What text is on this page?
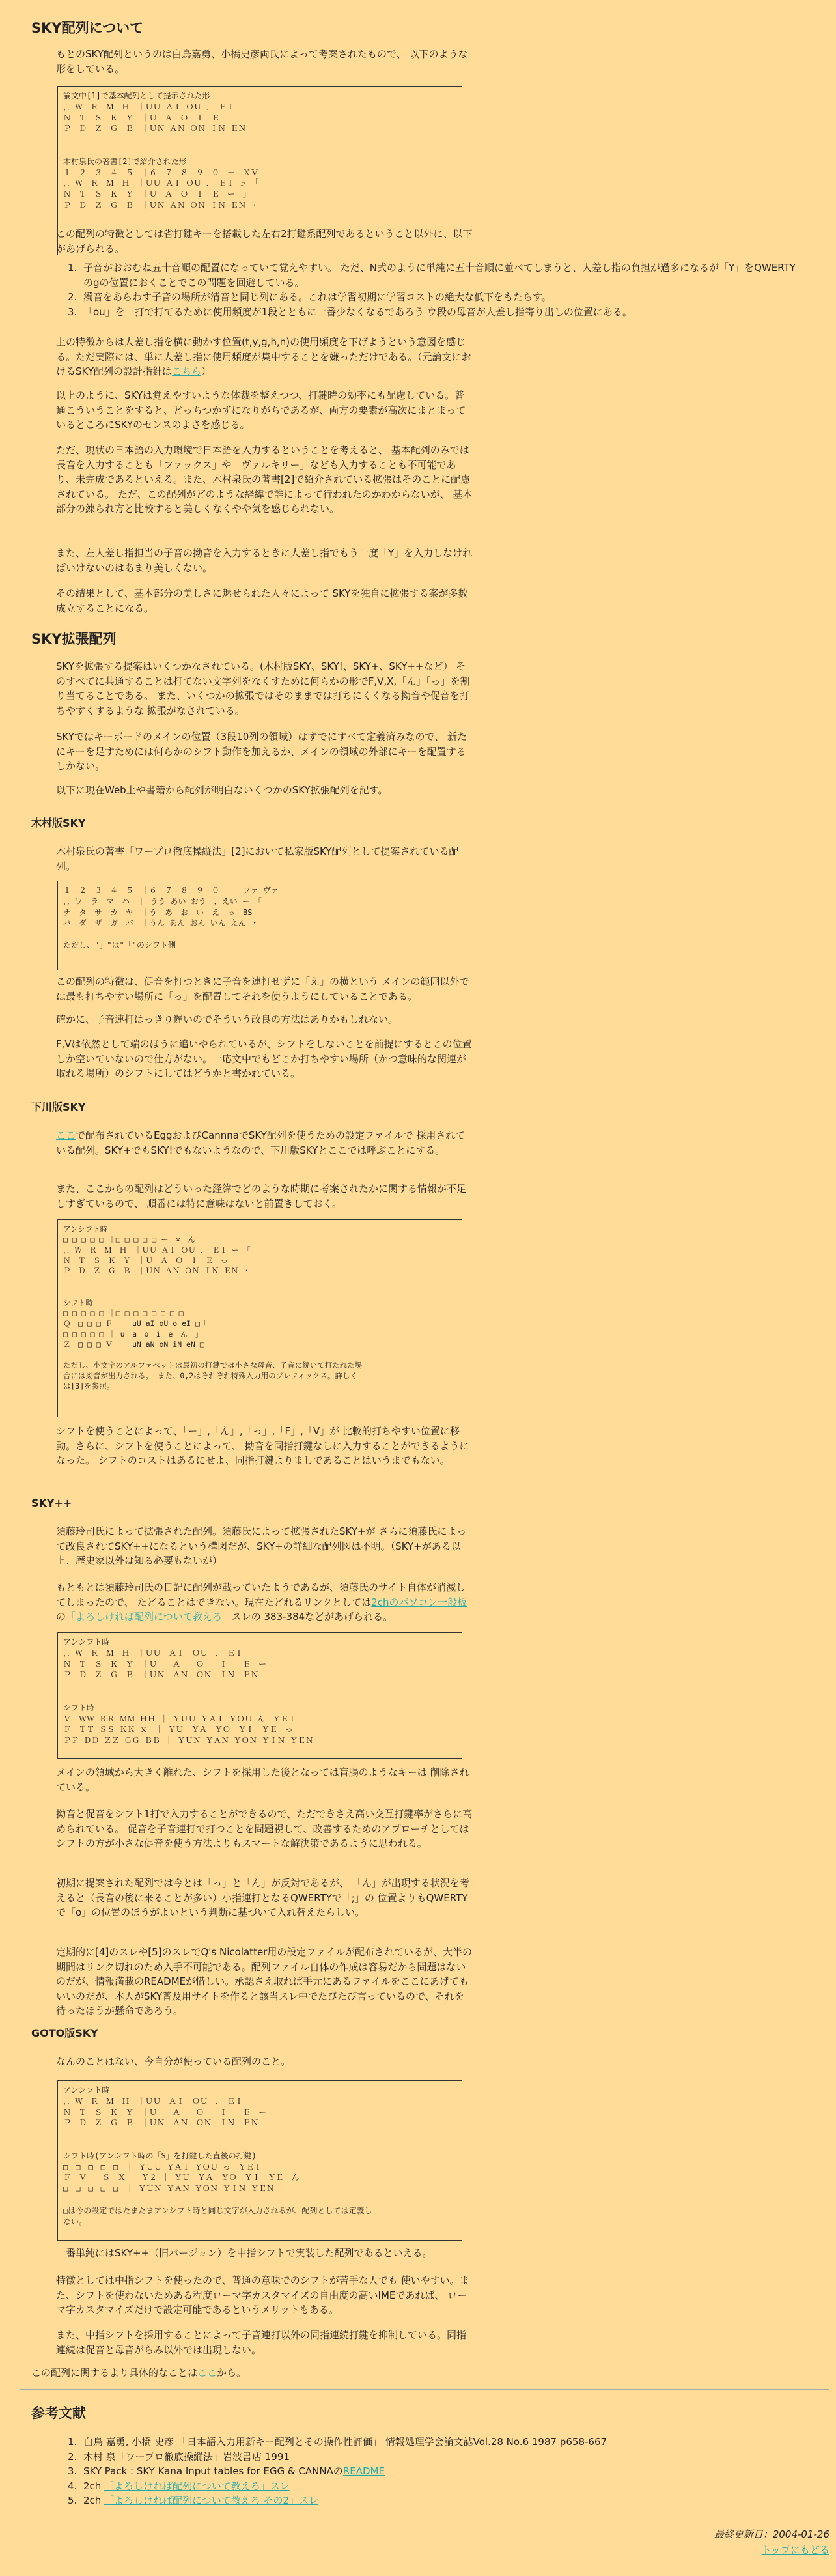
SKY配列について

もとのSKY配列というのは白鳥嘉勇、小橋史彦両氏によって考案されたもので、 以下のような形をしている。

論文中[1]で基本配列として提示された形
，．Ｗ　Ｒ　Ｍ　Ｈ　｜ＵＵ ＡＩ ＯＵ ． ＥＩ
Ｎ　Ｔ　Ｓ　Ｋ　Ｙ　｜Ｕ　Ａ　Ｏ　Ｉ　Ｅ
Ｐ　Ｄ　Ｚ　Ｇ　Ｂ　｜ＵＮ ＡＮ ＯＮ ＩＮ ＥＮ

木村泉氏の著書[2]で紹介された形
１　２　３　４　５　｜６　７　８　９　０　－　ＸＶ
，．Ｗ　Ｒ　Ｍ　Ｈ　｜ＵＵ ＡＩ ＯＵ ． ＥＩ Ｆ　「
Ｎ　Ｔ　Ｓ　Ｋ　Ｙ　｜Ｕ　Ａ　Ｏ　Ｉ　Ｅ　ー　」
Ｐ　Ｄ　Ｚ　Ｇ　Ｂ　｜ＵＮ ＡＮ ＯＮ ＩＮ ＥＮ ・

この配列の特徴としては省打鍵キーを搭載した左右2打鍵系配列であるということ以外に、以下があげられる。

1. 子音がおおむね五十音順の配置になっていて覚えやすい。 ただ、N式のように単純に五十音順に並べてしまうと、人差し指の負担が過多になるが「Y」をQWERTYのgの位置におくことでこの問題を回避している。
2. 濁音をあらわす子音の場所が清音と同じ列にある。これは学習初期に学習コストの絶大な低下をもたらす。
3. 「ou」を一打で打てるために使用頻度が1段とともに一番少なくなるであろう ウ段の母音が人差し指寄り出しの位置にある。

上の特徴からは人差し指を横に動かす位置(t,y,g,h,n)の使用頻度を下げようという意図を感じる。ただ実際には、単に人差し指に使用頻度が集中することを嫌っただけである。（元論文におけるSKY配列の設計指針はこちら）

以上のように、SKYは覚えやすいような体裁を整えつつ、打鍵時の効率にも配慮している。普通こういうことをすると、どっちつかずになりがちであるが、両方の要素が高次にまとまっているところにSKYのセンスのよさを感じる。

ただ、現状の日本語の入力環境で日本語を入力するということを考えると、 基本配列のみでは長音を入力することも「ファックス」や「ヴァルキリー」なども入力することも不可能であり、未完成であるといえる。また、木村泉氏の著書[2]で紹介されている拡張はそのことに配慮されている。 ただ、この配列がどのような経緯で誰によって行われたのかわからないが、 基本部分の練られ方と比較すると美しくなくやや気を感じられない。

また、左人差し指担当の子音の拗音を入力するときに人差し指でもう一度「Y」を入力しなければいけないのはあまり美しくない。

その結果として、基本部分の美しさに魅せられた人々によって SKYを独自に拡張する案が多数成立することになる。

SKY拡張配列

SKYを拡張する提案はいくつかなされている。(木村版SKY、SKY!、SKY+、SKY++など） そのすべてに共通することは打てない文字列をなくすために何らかの形でF,V,X,「ん」「っ」を割り当てることである。 また、いくつかの拡張ではそのままでは打ちにくくなる拗音や促音を打ちやすくするような 拡張がなされている。

SKYではキーボードのメインの位置（3段10列の領域）はすでにすべて定義済みなので、 新たにキーを足すためには何らかのシフト動作を加えるか、メインの領域の外部にキーを配置するしかない。

以下に現在Web上や書籍から配列が明白ないくつかのSKY拡張配列を記す。

木村版SKY

木村泉氏の著書「ワープロ徹底操縦法」[2]において私家版SKY配列として提案されている配列。

１　２　３　４　５　｜６　７　８　９　０　－　ファ ヴァ
，．ワ　ラ　マ　ハ　｜ うう あい おう　．えい ー　「
ナ　タ　サ　カ　ヤ　｜う　あ　お　い　え　っ　BS
パ　ダ　ザ　ガ　バ　｜うん あん おん いん えん ・

ただし、"」"は"「"のシフト側

この配列の特徴は、促音を打つときに子音を連打せずに「え」の横という メインの範囲以外では最も打ちやすい場所に「っ」を配置してそれを使うようにしていることである。

確かに、子音連打はっきり遅いのでそういう改良の方法はありかもしれない。

F,Vは依然として端のほうに追いやられているが、シフトをしないことを前提にするとこの位置しか空いていないので仕方がない。一応文中でもどこか打ちやすい場所（かつ意味的な関連が取れる場所）のシフトにしてはどうかと書かれている。

下川版SKY

ここで配布されているEggおよびCannnaでSKY配列を使うための設定ファイルで 採用されている配列。SKY+でもSKY!でもないようなので、下川版SKYとここでは呼ぶことにする。

また、ここからの配列はどういった経緯でどのような時期に考案されたかに関する情報が不足しすぎているので、 順番には特に意味はないと前置きしておく。

アンシフト時
□ □ □ □ □ ｜□ □ □ □ □ ー　×　ん
，．Ｗ　Ｒ　Ｍ　Ｈ　｜ＵＵ ＡＩ ＯＵ ． ＥＩ ー　「
Ｎ　Ｔ　Ｓ　Ｋ　Ｙ　｜Ｕ　Ａ　Ｏ　Ｉ　Ｅ　っ」
Ｐ　Ｄ　Ｚ　Ｇ　Ｂ　｜ＵＮ ＡＮ ＯＮ ＩＮ ＥＮ ・

シフト時
□ □ □ □ □ ｜□ □ □ □ □ □ □ □
Ｑ　□ □ □ Ｆ　｜ uU aI oU o eI □「
□ □ □ □ □ ｜ u　a　o　i　e　ん　」
Ｚ　□ □ □ Ｖ　｜ uN aN oN iN eN □

ただし、小文字のアルファベットは最初の打鍵では小さな母音、子音に続いて打たれた場
合には拗音が出力される。 また、0,2はそれぞれ特殊入力用のプレフィックス。詳しく
は[3]を参照。

シフトを使うことによって、「ー」,「ん」,「っ」,「F」,「V」が 比較的打ちやすい位置に移動。さらに、シフトを使うことによって、 拗音を同指打鍵なしに入力することができるようになった。 シフトのコストはあるにせよ、同指打鍵よりましであることはいうまでもない。

SKY++

須藤玲司氏によって拡張された配列。須藤氏によって拡張されたSKY+が さらに須藤氏によって改良されてSKY++になるという構図だが、SKY+の詳細な配列図は不明。（SKY+がある以上、歴史家以外は知る必要もないが）

もともとは須藤玲司氏の日記に配列が載っていたようであるが、須藤氏のサイト自体が消滅してしまったので、 たどることはできない。現在たどれるリンクとしては2chのパソコン一般板の「よろしければ配列について教えろ」スレの 383-384などがあげられる。

アンシフト時
，．Ｗ　Ｒ　Ｍ　Ｈ　｜ＵＵ　ＡＩ　ＯＵ　．　ＥＩ
Ｎ　Ｔ　Ｓ　Ｋ　Ｙ　｜Ｕ　　Ａ　　Ｏ　　Ｉ　　Ｅ　ー
Ｐ　Ｄ　Ｚ　Ｇ　Ｂ　｜ＵＮ　ＡＮ　ＯＮ　ＩＮ　ＥＮ

シフト時
Ｖ　ＷＷ ＲＲ ＭＭ ＨＨ ｜ ＹＵＵ ＹＡＩ ＹＯＵ ん　ＹＥＩ
Ｆ　ＴＴ ＳＳ ＫＫ ｘ　｜ ＹＵ　ＹＡ　ＹＯ　ＹＩ　ＹＥ　っ
ＰＰ ＤＤ ＺＺ ＧＧ ＢＢ ｜ ＹＵＮ ＹＡＮ ＹＯＮ ＹＩＮ ＹＥＮ

メインの領域から大きく離れた、シフトを採用した後となっては盲腸のようなキーは 削除されている。

拗音と促音をシフト1打で入力することができるので、ただできさえ高い交互打鍵率がさらに高められている。 促音を子音連打で打つことを問題視して、改善するためのアプローチとしてはシフトの方が小さな促音を使う方法よりもスマートな解決策であるように思われる。

初期に提案された配列では今とは「っ」と「ん」が反対であるが、 「ん」が出現する状況を考えると（長音の後に来ることが多い）小指連打となるQWERTYで「;」の 位置よりもQWERTYで「o」の位置のほうがよいという判断に基づいて入れ替えたらしい。

定期的に[4]のスレや[5]のスレでQ's Nicolatter用の設定ファイルが配布されているが、大半の期間はリンク切れのため入手不可能である。配列ファイル自体の作成は容易だから問題はないのだが、情報満載のREADMEが惜しい。承認さえ取れば手元にあるファイルをここにあげてもいいのだが、本人がSKY普及用サイトを作ると該当スレ中でたびたび言っているので、それを待ったほうが懸命であろう。

GOTO版SKY

なんのことはない、今自分が使っている配列のこと。

アンシフト時
，．Ｗ　Ｒ　Ｍ　Ｈ　｜ＵＵ　ＡＩ　ＯＵ　．　ＥＩ
Ｎ　Ｔ　Ｓ　Ｋ　Ｙ　｜Ｕ　　Ａ　　Ｏ　　Ｉ　　Ｅ　ー
Ｐ　Ｄ　Ｚ　Ｇ　Ｂ　｜ＵＮ　ＡＮ　ＯＮ　ＩＮ　ＥＮ

シフト時(アンシフト時の「S」を打鍵した直後の打鍵)
□　□　□　□　□　｜ ＹＵＵ ＹＡＩ ＹＯＵ っ　ＹＥＩ
Ｆ　Ｖ　　Ｓ　Ｘ　　Ｙ２ ｜ ＹＵ　ＹＡ　ＹＯ　ＹＩ　ＹＥ　ん
□　□　□　□　□　｜ ＹＵＮ ＹＡＮ ＹＯＮ ＹＩＮ ＹＥＮ

□は今の設定ではたまたまアンシフト時と同じ文字が入力されるが、配列としては定義し
ない。

一番単純にはSKY++（旧バージョン）を中指シフトで実装した配列であるといえる。

特徴としては中指シフトを使ったので、普通の意味でのシフトが苦手な人でも 使いやすい。また、シフトを使わないためある程度ローマ字カスタマイズの自由度の高いIMEであれば、 ローマ字カスタマイズだけで設定可能であるというメリットもある。

また、中指シフトを採用することによって子音連打以外の同指連続打鍵を抑制している。同指連続は促音と母音がらみ以外では出現しない。

この配列に関するより具体的なことはここから。

参考文献
1. 白鳥 嘉勇, 小橋 史彦 「日本語入力用新キー配列とその操作性評価」 情報処理学会論文誌Vol.28 No.6 1987 p658-667
2. 木村 泉「ワープロ徹底操縦法」岩波書店 1991
3. SKY Pack : SKY Kana Input tables for EGG & CANNAのREADME
4. 2ch 「よろしければ配列について教えろ」スレ
5. 2ch 「よろしければ配列について教えろ その2」スレ
最終更新日：2004-01-26
トップにもどる
